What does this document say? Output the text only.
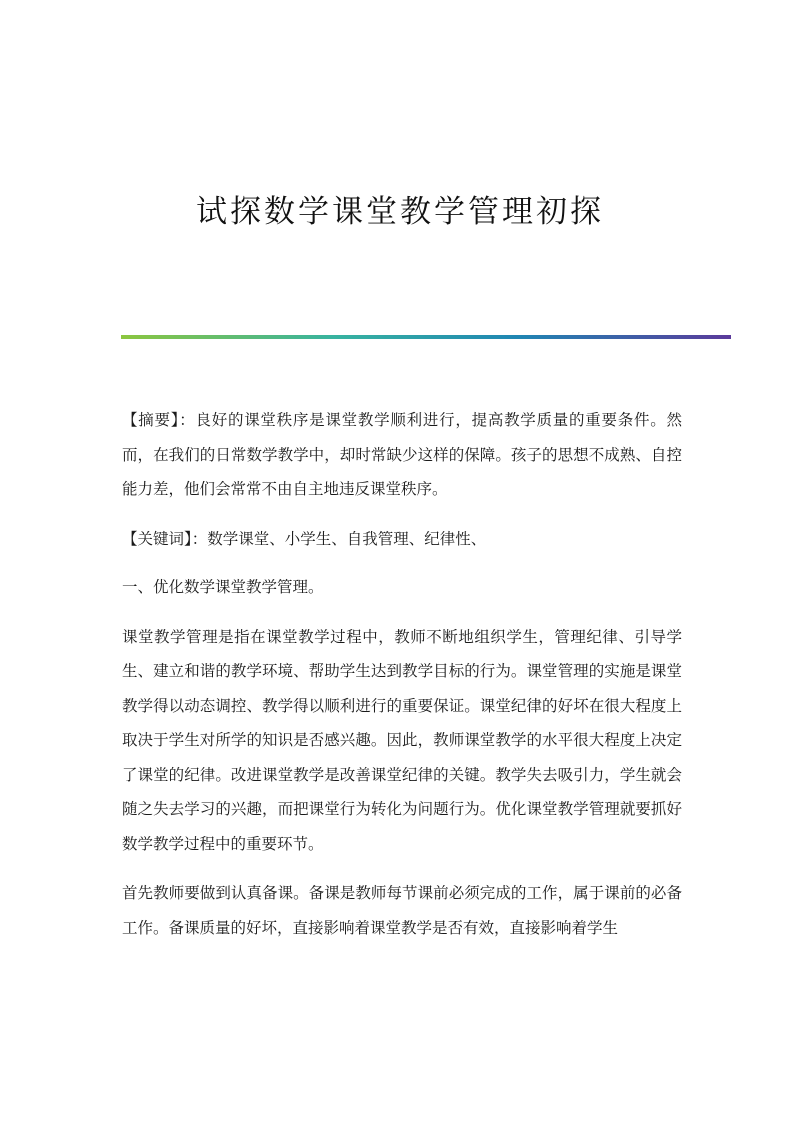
试探数学课堂教学管理初探

【摘要】：良好的课堂秩序是课堂教学顺利进行，提高教学质量的重要条件。然而，在我们的日常数学教学中，却时常缺少这样的保障。孩子的思想不成熟、自控能力差，他们会常常不由自主地违反课堂秩序。

【关键词】：数学课堂、小学生、自我管理、纪律性、

一、优化数学课堂教学管理。

课堂教学管理是指在课堂教学过程中，教师不断地组织学生，管理纪律、引导学生、建立和谐的教学环境、帮助学生达到教学目标的行为。课堂管理的实施是课堂教学得以动态调控、教学得以顺利进行的重要保证。课堂纪律的好坏在很大程度上取决于学生对所学的知识是否感兴趣。因此，教师课堂教学的水平很大程度上决定了课堂的纪律。改进课堂教学是改善课堂纪律的关键。教学失去吸引力，学生就会随之失去学习的兴趣，而把课堂行为转化为问题行为。优化课堂教学管理就要抓好数学教学过程中的重要环节。

首先教师要做到认真备课。备课是教师每节课前必须完成的工作，属于课前的必备工作。备课质量的好坏，直接影响着课堂教学是否有效，直接影响着学生
